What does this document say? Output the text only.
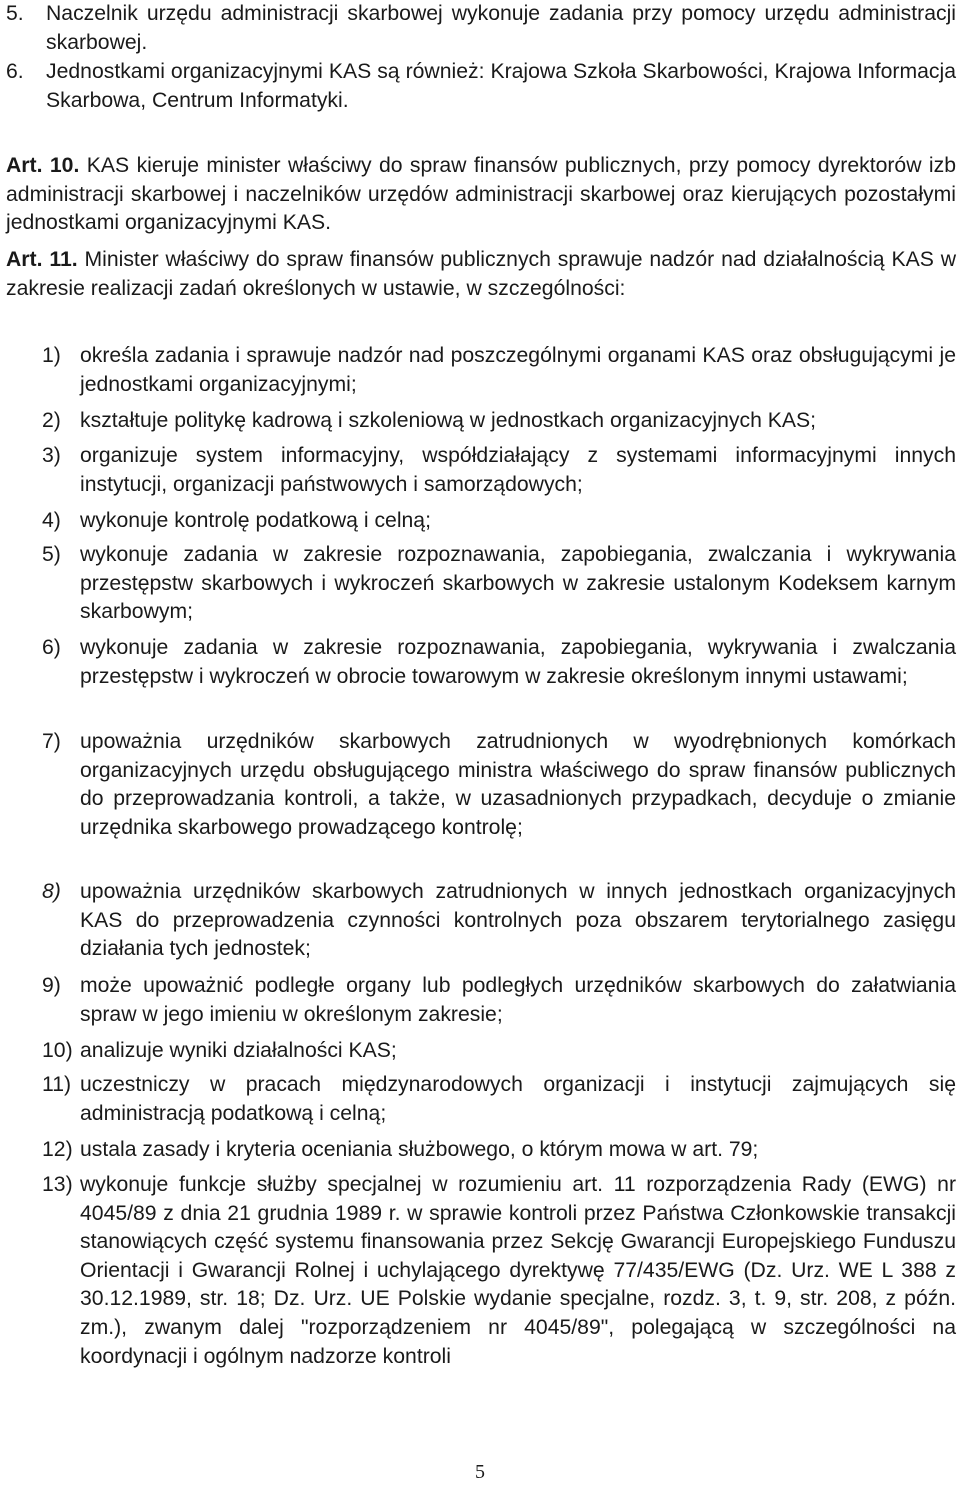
5.	Naczelnik urzędu administracji skarbowej wykonuje zadania przy pomocy urzędu administracji skarbowej.
6.	Jednostkami organizacyjnymi KAS są również: Krajowa Szkoła Skarbowości, Krajowa Informacja Skarbowa, Centrum Informatyki.
Art. 10. KAS kieruje minister właściwy do spraw finansów publicznych, przy pomocy dyrektorów izb administracji skarbowej i naczelników urzędów administracji skarbowej oraz kierujących pozostałymi jednostkami organizacyjnymi KAS.
Art. 11. Minister właściwy do spraw finansów publicznych sprawuje nadzór nad działalnością KAS w zakresie realizacji zadań określonych w ustawie, w szczególności:
1) określa zadania i sprawuje nadzór nad poszczególnymi organami KAS oraz obsługującymi je jednostkami organizacyjnymi;
2) kształtuje politykę kadrową i szkoleniową w jednostkach organizacyjnych KAS;
3) organizuje system informacyjny, współdziałający z systemami informacyjnymi innych instytucji, organizacji państwowych i samorządowych;
4) wykonuje kontrolę podatkową i celną;
5) wykonuje zadania w zakresie rozpoznawania, zapobiegania, zwalczania i wykrywania przestępstw skarbowych i wykroczeń skarbowych w zakresie ustalonym Kodeksem karnym skarbowym;
6) wykonuje zadania w zakresie rozpoznawania, zapobiegania, wykrywania i zwalczania przestępstw i wykroczeń w obrocie towarowym w zakresie określonym innymi ustawami;
7) upoważnia urzędników skarbowych zatrudnionych w wyodrębnionych komórkach organizacyjnych urzędu obsługującego ministra właściwego do spraw finansów publicznych do przeprowadzania kontroli, a także, w uzasadnionych przypadkach, decyduje o zmianie urzędnika skarbowego prowadzącego kontrolę;
8) upoważnia urzędników skarbowych zatrudnionych w innych jednostkach organizacyjnych KAS do przeprowadzenia czynności kontrolnych poza obszarem terytorialnego zasięgu działania tych jednostek;
9) może upoważnić podległe organy lub podległych urzędników skarbowych do załatwiania spraw w jego imieniu w określonym zakresie;
10) analizuje wyniki działalności KAS;
11) uczestniczy w pracach międzynarodowych organizacji i instytucji zajmujących się administracją podatkową i celną;
12) ustala zasady i kryteria oceniania służbowego, o którym mowa w art. 79;
13) wykonuje funkcje służby specjalnej w rozumieniu art. 11 rozporządzenia Rady (EWG) nr 4045/89 z dnia 21 grudnia 1989 r. w sprawie kontroli przez Państwa Członkowskie transakcji stanowiących część systemu finansowania przez Sekcję Gwarancji Europejskiego Funduszu Orientacji i Gwarancji Rolnej i uchylającego dyrektywę 77/435/EWG (Dz. Urz. WE L 388 z 30.12.1989, str. 18; Dz. Urz. UE Polskie wydanie specjalne, rozdz. 3, t. 9, str. 208, z późn. zm.), zwanym dalej "rozporządzeniem nr 4045/89", polegającą w szczególności na koordynacji i ogólnym nadzorze kontroli
5
